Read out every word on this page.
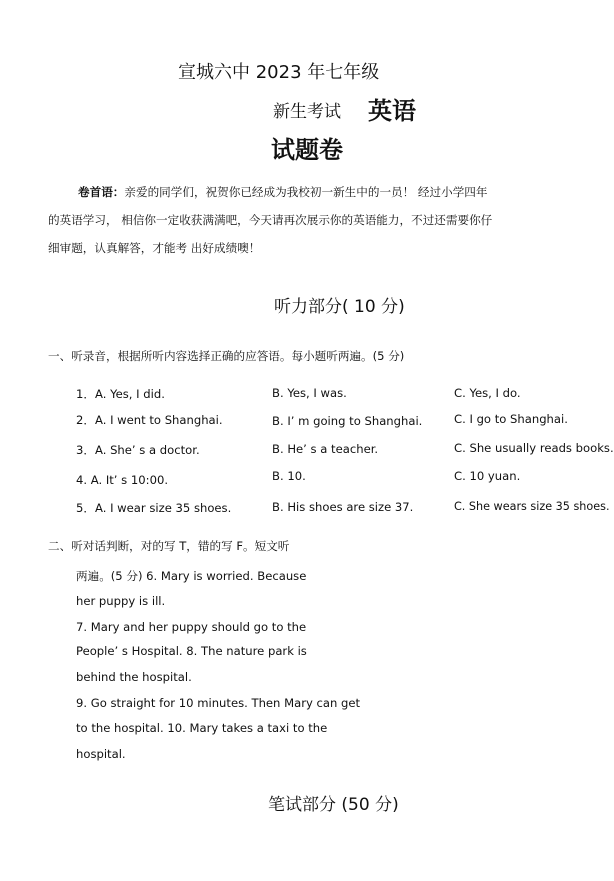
宣城六中 2023 年七年级
新生考试 英语
试题卷
卷首语：亲爱的同学们，祝贺你已经成为我校初一新生中的一员！ 经过小学四年
的英语学习， 相信你一定收获满满吧，今天请再次展示你的英语能力，不过还需要你仔
细审题，认真解答，才能考 出好成绩噢！
听力部分( 10 分)
一、听录音，根据所听内容选择正确的应答语。每小题听两遍。(5 分)
1．A. Yes, I did.	B. Yes, I was.	C. Yes, I do.
2．A. I went to Shanghai.	B. I’ m going to Shanghai.	C. I go to Shanghai.
3．A. She’ s a doctor.	B. He’ s a teacher.	C. She usually reads books.
4. A. It’ s 10:00.	B. 10.	C. 10 yuan.
5．A. I wear size 35 shoes.	B. His shoes are size 37.	C. She wears size 35 shoes.
二、听对话判断，对的写 T，错的写 F。短文听
两遍。(5 分) 6. Mary is worried. Because
her puppy is ill.
7. Mary and her puppy should go to the
People’ s Hospital. 8. The nature park is
behind the hospital.
9. Go straight for 10 minutes. Then Mary can get
to the hospital. 10. Mary takes a taxi to the
hospital.
笔试部分 (50 分)
